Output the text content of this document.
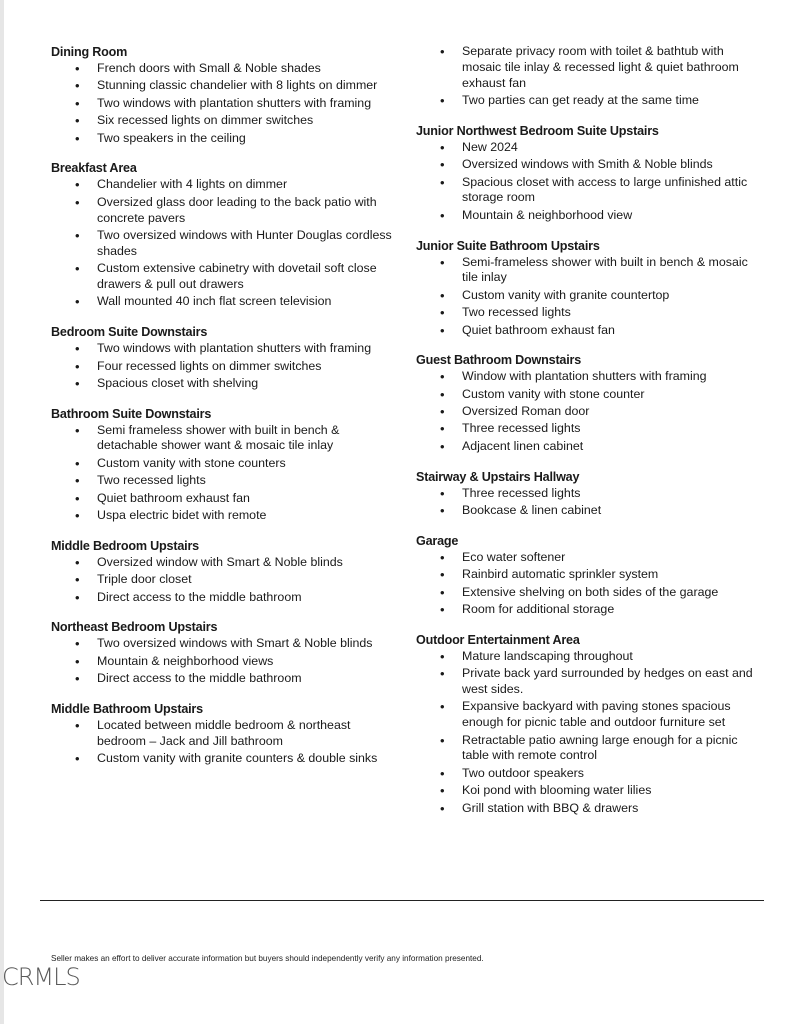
Dining Room
• French doors with Small & Noble shades
• Stunning classic chandelier with 8 lights on dimmer
• Two windows with plantation shutters with framing
• Six recessed lights on dimmer switches
• Two speakers in the ceiling
Breakfast Area
• Chandelier with 4 lights on dimmer
• Oversized glass door leading to the back patio with concrete pavers
• Two oversized windows with Hunter Douglas cordless shades
• Custom extensive cabinetry with dovetail soft close drawers & pull out drawers
• Wall mounted 40 inch flat screen television
Bedroom Suite Downstairs
• Two windows with plantation shutters with framing
• Four recessed lights on dimmer switches
• Spacious closet with shelving
Bathroom Suite Downstairs
• Semi frameless shower with built in bench & detachable shower want & mosaic tile inlay
• Custom vanity with stone counters
• Two recessed lights
• Quiet bathroom exhaust fan
• Uspa electric bidet with remote
Middle Bedroom Upstairs
• Oversized window with Smart & Noble blinds
• Triple door closet
• Direct access to the middle bathroom
Northeast Bedroom Upstairs
• Two oversized windows with Smart & Noble blinds
• Mountain & neighborhood views
• Direct access to the middle bathroom
Middle Bathroom Upstairs
• Located between middle bedroom & northeast bedroom – Jack and Jill bathroom
• Custom vanity with granite counters & double sinks
• Separate privacy room with toilet & bathtub with mosaic tile inlay & recessed light & quiet bathroom exhaust fan
• Two parties can get ready at the same time
Junior Northwest Bedroom Suite Upstairs
• New 2024
• Oversized windows with Smith & Noble blinds
• Spacious closet with access to large unfinished attic storage room
• Mountain & neighborhood view
Junior Suite Bathroom Upstairs
• Semi-frameless shower with built in bench & mosaic tile inlay
• Custom vanity with granite countertop
• Two recessed lights
• Quiet bathroom exhaust fan
Guest Bathroom Downstairs
• Window with plantation shutters with framing
• Custom vanity with stone counter
• Oversized Roman door
• Three recessed lights
• Adjacent linen cabinet
Stairway & Upstairs Hallway
• Three recessed lights
• Bookcase & linen cabinet
Garage
• Eco water softener
• Rainbird automatic sprinkler system
• Extensive shelving on both sides of the garage
• Room for additional storage
Outdoor Entertainment Area
• Mature landscaping throughout
• Private back yard surrounded by hedges on east and west sides.
• Expansive backyard with paving stones spacious enough for picnic table and outdoor furniture set
• Retractable patio awning large enough for a picnic table with remote control
• Two outdoor speakers
• Koi pond with blooming water lilies
• Grill station with BBQ & drawers
Seller makes an effort to deliver accurate information but buyers should independently verify any information presented.
CRMLS
